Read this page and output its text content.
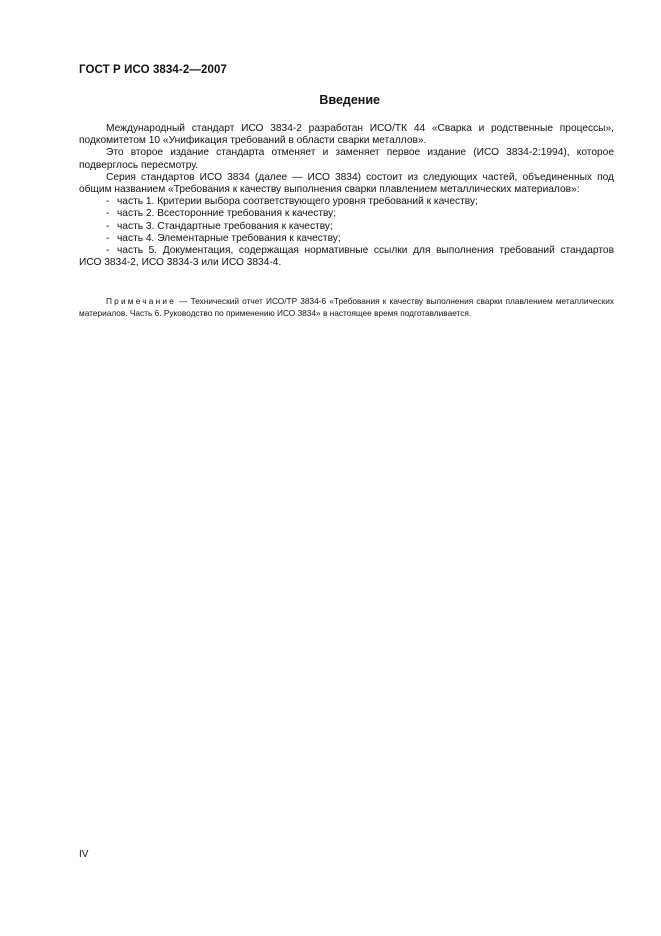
ГОСТ Р ИСО 3834-2—2007
Введение

Международный стандарт ИСО 3834-2 разработан ИСО/ТК 44 «Сварка и родственные процессы», подкомитетом 10 «Унификация требований в области сварки металлов».

Это второе издание стандарта отменяет и заменяет первое издание (ИСО 3834-2:1994), которое подверглось пересмотру.

Серия стандартов ИСО 3834 (далее — ИСО 3834) состоит из следующих частей, объединенных под общим названием «Требования к качеству выполнения сварки плавлением металлических материалов»:

- часть 1. Критерии выбора соответствующего уровня требований к качеству;

- часть 2. Всесторонние требования к качеству;

- часть 3. Стандартные требования к качеству;

- часть 4. Элементарные требования к качеству;

- часть 5. Документация, содержащая нормативные ссылки для выполнения требований стандартов ИСО 3834-2, ИСО 3834-3 или ИСО 3834-4.

Примечание — Технический отчет ИСО/ТР 3834-6 «Требования к качеству выполнения сварки плавлением металлических материалов. Часть 6. Руководство по применению ИСО 3834» в настоящее время подготавливается.

IV
